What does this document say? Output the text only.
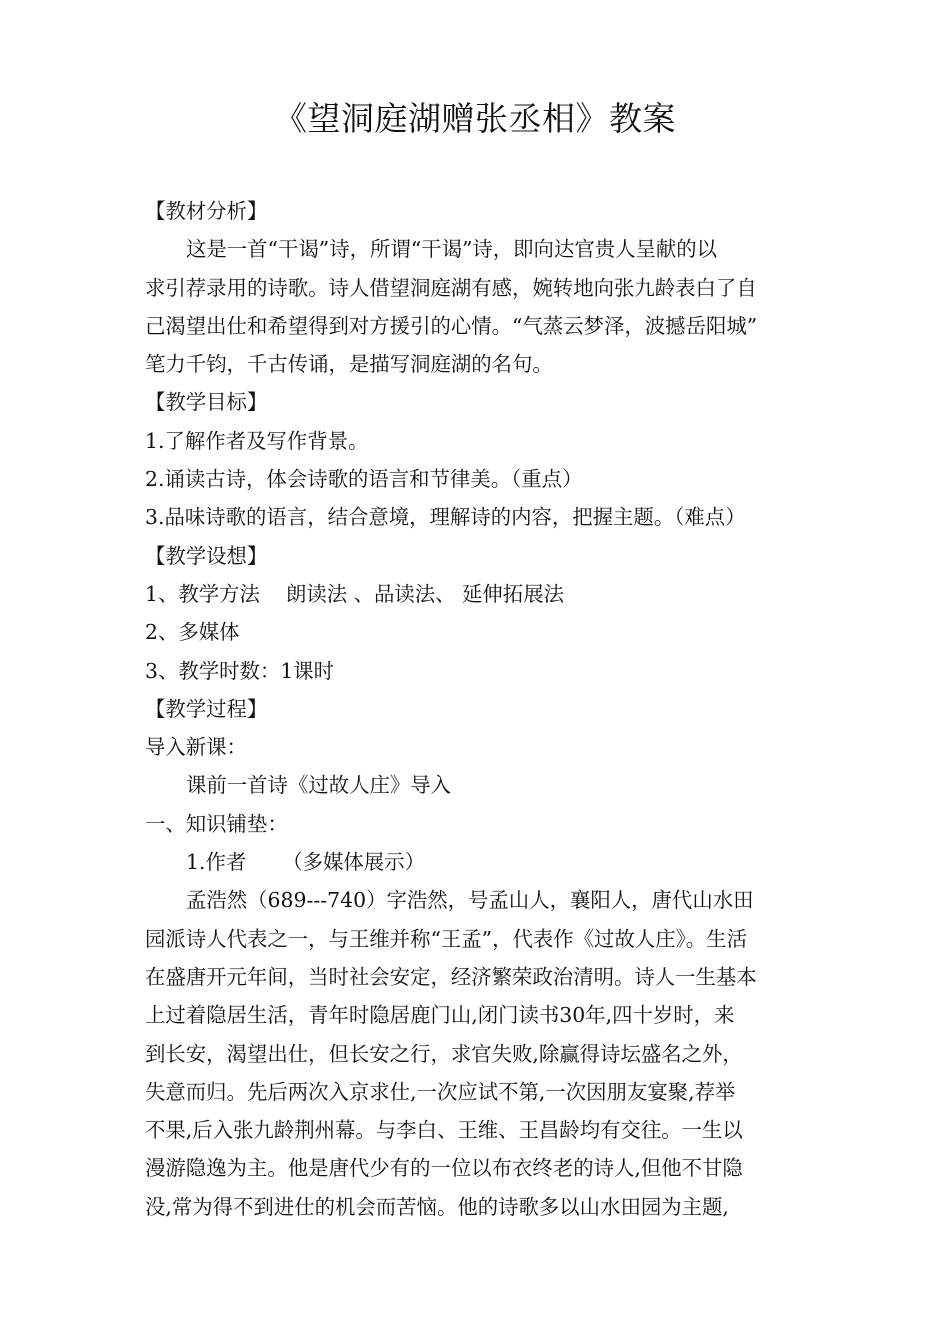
《望洞庭湖赠张丞相》教案
【教材分析】
这是一首“干谒”诗，所谓“干谒”诗，即向达官贵人呈献的以
求引荐录用的诗歌。诗人借望洞庭湖有感，婉转地向张九龄表白了自
己渴望出仕和希望得到对方援引的心情。“气蒸云梦泽，波撼岳阳城”
笔力千钧，千古传诵，是描写洞庭湖的名句。
【教学目标】
1.了解作者及写作背景。
2.诵读古诗，体会诗歌的语言和节律美。（重点）
3.品味诗歌的语言，结合意境，理解诗的内容，把握主题。（难点）
【教学设想】
1、教学方法 朗读法 、品读法、 延伸拓展法
2、多媒体
3、教学时数：1课时
【教学过程】
导入新课：
课前一首诗《过故人庄》导入
一、知识铺垫：
1.作者 （多媒体展示）
孟浩然（689---740）字浩然，号孟山人，襄阳人，唐代山水田
园派诗人代表之一，与王维并称“王孟”，代表作《过故人庄》。生活
在盛唐开元年间，当时社会安定，经济繁荣政治清明。诗人一生基本
上过着隐居生活，青年时隐居鹿门山,闭门读书30年,四十岁时，来
到长安，渴望出仕，但长安之行，求官失败,除赢得诗坛盛名之外，
失意而归。先后两次入京求仕,一次应试不第,一次因朋友宴聚,荐举
不果,后入张九龄荆州幕。与李白、王维、王昌龄均有交往。一生以
漫游隐逸为主。他是唐代少有的一位以布衣终老的诗人,但他不甘隐
没,常为得不到进仕的机会而苦恼。他的诗歌多以山水田园为主题,
